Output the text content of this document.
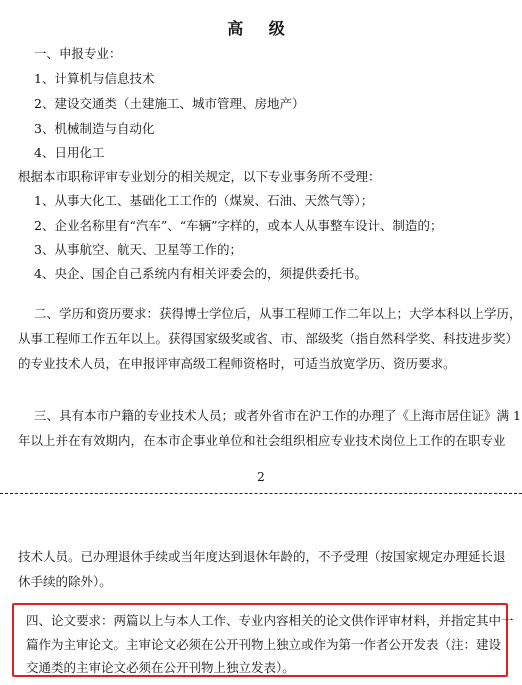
高 级
一、申报专业：
1、计算机与信息技术
2、建设交通类（土建施工、城市管理、房地产）
3、机械制造与自动化
4、日用化工
根据本市职称评审专业划分的相关规定，以下专业事务所不受理：
1、从事大化工、基础化工工作的（煤炭、石油、天然气等）；
2、企业名称里有“汽车”、“车辆”字样的，或本人从事整车设计、制造的；
3、从事航空、航天、卫星等工作的；
4、央企、国企自己系统内有相关评委会的，须提供委托书。
二、学历和资历要求：获得博士学位后，从事工程师工作二年以上；大学本科以上学历，
从事工程师工作五年以上。获得国家级奖或省、市、部级奖（指自然科学奖、科技进步奖）
的专业技术人员，在申报评审高级工程师资格时，可适当放宽学历、资历要求。
三、具有本市户籍的专业技术人员；或者外省市在沪工作的办理了《上海市居住证》满 1
年以上并在有效期内，在本市企事业单位和社会组织相应专业技术岗位上工作的在职专业
2
技术人员。已办理退休手续或当年度达到退休年龄的，不予受理（按国家规定办理延长退
休手续的除外）。
四、论文要求：两篇以上与本人工作、专业内容相关的论文供作评审材料，并指定其中一
篇作为主审论文。主审论文必须在公开刊物上独立或作为第一作者公开发表（注：建设
交通类的主审论文必须在公开刊物上独立发表）。
